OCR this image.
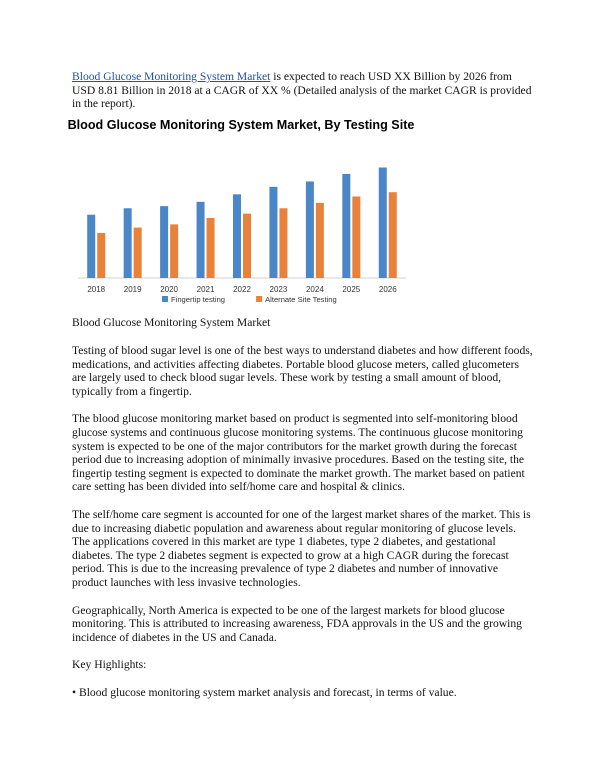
Blood Glucose Monitoring System Market is expected to reach USD XX Billion by 2026 from USD 8.81 Billion in 2018 at a CAGR of XX % (Detailed analysis of the market CAGR is provided in the report).

Blood Glucose Monitoring System Market, By Testing Site
2018 2019 2020 2021 2022 2023 2024 2025 2026
Fingertip testing	Alternate Site Testing
Blood Glucose Monitoring System Market

Testing of blood sugar level is one of the best ways to understand diabetes and how different foods, medications, and activities affecting diabetes. Portable blood glucose meters, called glucometers are largely used to check blood sugar levels. These work by testing a small amount of blood, typically from a fingertip.

The blood glucose monitoring market based on product is segmented into self-monitoring blood glucose systems and continuous glucose monitoring systems. The continuous glucose monitoring system is expected to be one of the major contributors for the market growth during the forecast period due to increasing adoption of minimally invasive procedures. Based on the testing site, the fingertip testing segment is expected to dominate the market growth. The market based on patient care setting has been divided into self/home care and hospital & clinics.

The self/home care segment is accounted for one of the largest market shares of the market. This is due to increasing diabetic population and awareness about regular monitoring of glucose levels. The applications covered in this market are type 1 diabetes, type 2 diabetes, and gestational diabetes. The type 2 diabetes segment is expected to grow at a high CAGR during the forecast period. This is due to the increasing prevalence of type 2 diabetes and number of innovative product launches with less invasive technologies.

Geographically, North America is expected to be one of the largest markets for blood glucose monitoring. This is attributed to increasing awareness, FDA approvals in the US and the growing incidence of diabetes in the US and Canada.

Key Highlights:

• Blood glucose monitoring system market analysis and forecast, in terms of value.
